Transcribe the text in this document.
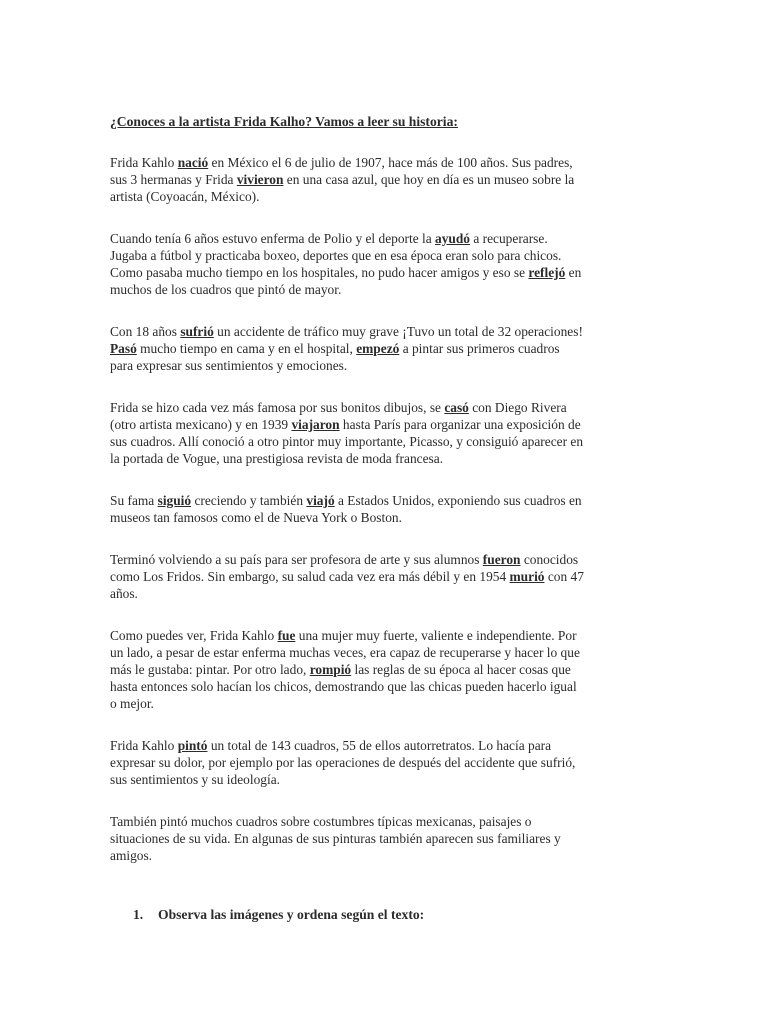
¿Conoces a la artista Frida Kalho? Vamos a leer su historia:
Frida Kahlo nació en México el 6 de julio de 1907, hace más de 100 años. Sus padres,
sus 3 hermanas y Frida vivieron en una casa azul, que hoy en día es un museo sobre la
artista (Coyoacán, México).
Cuando tenía 6 años estuvo enferma de Polio y el deporte la ayudó a recuperarse.
Jugaba a fútbol y practicaba boxeo, deportes que en esa época eran solo para chicos.
Como pasaba mucho tiempo en los hospitales, no pudo hacer amigos y eso se reflejó en
muchos de los cuadros que pintó de mayor.
Con 18 años sufrió un accidente de tráfico muy grave ¡Tuvo un total de 32 operaciones!
Pasó mucho tiempo en cama y en el hospital, empezó a pintar sus primeros cuadros
para expresar sus sentimientos y emociones.
Frida se hizo cada vez más famosa por sus bonitos dibujos, se casó con Diego Rivera
(otro artista mexicano) y en 1939 viajaron hasta París para organizar una exposición de
sus cuadros. Allí conoció a otro pintor muy importante, Picasso, y consiguió aparecer en
la portada de Vogue, una prestigiosa revista de moda francesa.
Su fama siguió creciendo y también viajó a Estados Unidos, exponiendo sus cuadros en
museos tan famosos como el de Nueva York o Boston.
Terminó volviendo a su país para ser profesora de arte y sus alumnos fueron conocidos
como Los Fridos. Sin embargo, su salud cada vez era más débil y en 1954 murió con 47
años.
Como puedes ver, Frida Kahlo fue una mujer muy fuerte, valiente e independiente. Por
un lado, a pesar de estar enferma muchas veces, era capaz de recuperarse y hacer lo que
más le gustaba: pintar. Por otro lado, rompió las reglas de su época al hacer cosas que
hasta entonces solo hacían los chicos, demostrando que las chicas pueden hacerlo igual
o mejor.
Frida Kahlo pintó un total de 143 cuadros, 55 de ellos autorretratos. Lo hacía para
expresar su dolor, por ejemplo por las operaciones de después del accidente que sufrió,
sus sentimientos y su ideología.
También pintó muchos cuadros sobre costumbres típicas mexicanas, paisajes o
situaciones de su vida. En algunas de sus pinturas también aparecen sus familiares y
amigos.
1. Observa las imágenes y ordena según el texto:
